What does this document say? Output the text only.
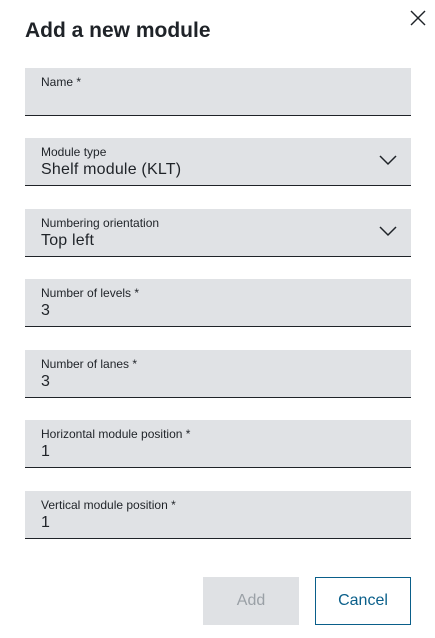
Add a new module
Name *
Module type
Shelf module (KLT)
Numbering orientation
Top left
Number of levels *
3
Number of lanes *
3
Horizontal module position *
1
Vertical module position *
1
Add	Cancel
